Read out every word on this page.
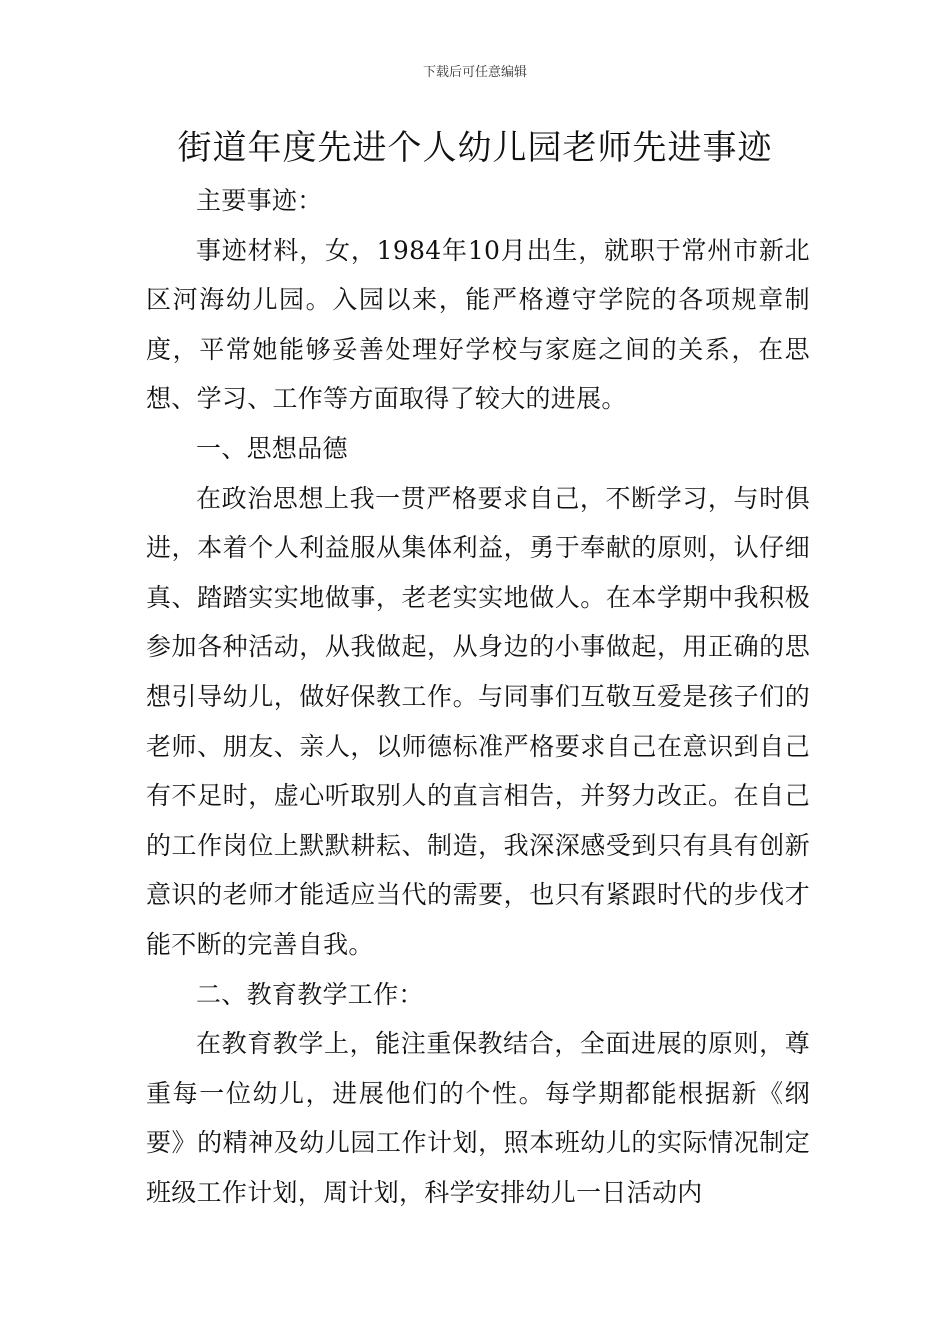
下载后可任意编辑
街道年度先进个人幼儿园老师先进事迹

主要事迹：

事迹材料，女，1984年10月出生，就职于常州市新北区河海幼儿园。入园以来，能严格遵守学院的各项规章制度，平常她能够妥善处理好学校与家庭之间的关系，在思想、学习、工作等方面取得了较大的进展。

一、思想品德

在政治思想上我一贯严格要求自己，不断学习，与时俱进，本着个人利益服从集体利益，勇于奉献的原则，认仔细真、踏踏实实地做事，老老实实地做人。在本学期中我积极参加各种活动，从我做起，从身边的小事做起，用正确的思想引导幼儿，做好保教工作。与同事们互敬互爱是孩子们的老师、朋友、亲人，以师德标准严格要求自己在意识到自己有不足时，虚心听取别人的直言相告，并努力改正。在自己的工作岗位上默默耕耘、制造，我深深感受到只有具有创新意识的老师才能适应当代的需要，也只有紧跟时代的步伐才能不断的完善自我。

二、教育教学工作：

在教育教学上，能注重保教结合，全面进展的原则，尊重每一位幼儿，进展他们的个性。每学期都能根据新《纲要》的精神及幼儿园工作计划，照本班幼儿的实际情况制定班级工作计划，周计划，科学安排幼儿一日活动内
